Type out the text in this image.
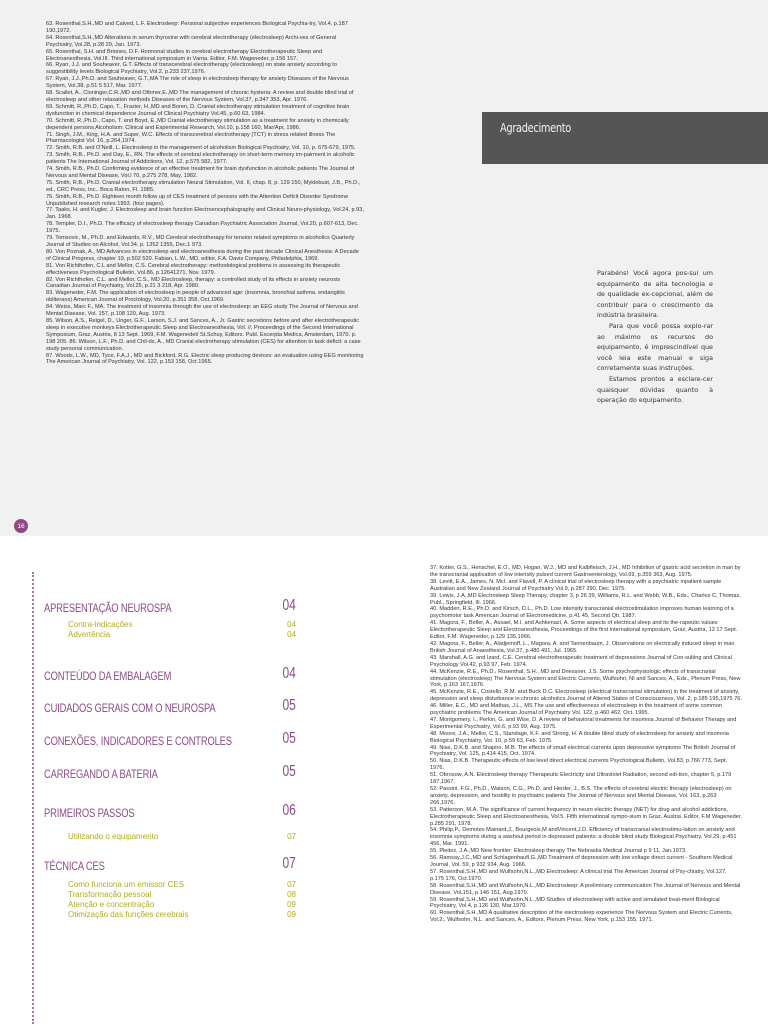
63. Rosenthal,S.H.,MD and Calved, L.F. Electrosleep: Personal subjective experiences Biological Psychia-try, Vol.4, p.187 190,1972.

64. Rosenthal,S.H.,MD Alterations in serum thyroxine with cerebral electrotherapy (electrosleep) Archi-ves of General Psychiatry, Vol.28, p.28 29, Jan. 1973.

65. Rosenthal, S.H. and Briones, D.F. Hormonal studies in cerebral electrotherapy Electrotherapeutic Sleep and Electroanesthesia, Vol.III. Third international symposium in Varna. Editor, F.M. Wageneder, p.156 157.

66. Ryan, J.J. and Souheaver, G.T. Effects of transcerebral electrotherapy (electrosleep) on state anxiety according to suggestibility levels Biological Psychiatry, Vol.2, p.233 237,1976.

67. Ryan, J.J.,Ph.D. and Souheaver, G.T.,MA The role of sleep in electrosleep therapy for anxiety Diseases of the Nervous System, Vol.38, p.51 5 517, Mar. 1977.

68. Scallet, A., Cloninger,C.R.,MD and Othmer,E.,MD The management of chronic hysteria: A review and double blind trial of electrosleep and other relaxation methods Diseases of the Nervous System, Vol.37, p.347 353, Apr. 1976.

69. Schmitt, R.,Ph.D, Capo, T., Frazier, H.,MD and Boren, D. Cranial electrotherapy stimulation treatment of cognitive brain dysfunction in chemical dependence Journal of Clinical Psychiatry Vol.45, p.60 63, 1984.

70. Schmitt, R.,Ph.D., Capo, T. and Boyd, E.,MD Cranial electrotherapy stimulation as a treatment for anxiety in chemically dependent persons Alcoholism: Clinical and Experimental Research, Vol.10, p.158 160, Mar/Apr, 1986.

71. Singh, J.M., King, H.A. and Super, W.C. Effects of transcerebral electrotherapy (TCT) in stress related illness The Pharmacologist Vol. 16, p.264,1974.

72. Smith, R.B. and O'Neill, L. Electrosleep in the management of alcoholism Biological Psychiatry, Vol. 10, p. 675-679, 1975.

73. Smith, R.B., Ph.D. and Day, E., RN. The effects of cerebral electrotherapy on short-term memory im-pairment in alcoholic patients The International Journal of Addictions, Vol. 12, p.575 582, 1977.

74. Smith, R.B., Ph.D. Confirming evidence of an effective treatment for brain dysfunction in alcoholic patients The Journal of Nervous and Mental Disease, Vol.l 70, p.275 278, May, 1982.

75. Smith, R.B., Ph.D. Cranial electrotherapy stimulation Neural Stimulation, Vol. II, chap. 8, p. 129 150, Myklebust, J.B., Ph.D., ed., CRC Press, Inc.. Boca Raton, FI. 1985.

76. Smith, R.B., Ph.D. Eighteen month follow up of CES treatment of persons with the Attention Deficit Disorder Syndrome Unpublished research notes 1993. (four pages).

77. Taaks, H. and Kugler, J. Electrosleep and brain function Electroencephalography and Clinical Neuro-physiology, Vol.24, p.93, Jan. 1968.

78. Templer, D.I., Ph.D. The efficacy of electrosleep therapy Canadian Psychiatric Association Journal, Vol.20, p.607-613, Dec. 1975.

79. Tomsovic, M., Ph.D. and Edwards, R.V., MD Cerebral electrotherapy for tension related symptoms in alcoholics Quarterly Journal of Studies on Alcohol, Vol.34. p. 1352 1355, Dec.1 973.

80. Von Poznak, A., MD Advances in electrosleep and electroanesthesia during the past decade Clinical Anesthesia: A Decade of Clinical Progress, chapter 19, p.502 520. Fabian, L.W., MD, editor, F.A. Davis Company, Philadelphia, 1969.

81. Von Richthofen, C.L and Mellor, C.S. Cerebral electrotherapy: methodological problems in assessing its therapeutic effectiveness Psychological Bulletin, Vol.86, p.12641271, Nov. 1979.

82. Von Richthofen, C.L. and Mellor, C.S., MD Electrosleep, therapy: a controlled study of its effects in anxiety neurosis Canadian Journal of Psychiatry, Vol.25, p.21 3 218, Apr. 1980.

83. Wageneder, F.M. The application of electrosleep in people of advanced age: (insomnia, bronchial asthma. endangiitis obliterans) American Journal of Proctology, Vol.20, p.351 358, Oct.1969.

84. Weiss, Marc F., MA. The treatment of insomnia through the use of electrosleep: an EEG study The Journal of Nervous and Mental Disease, Vol. 157, p.108 120, Aug. 1973.

85. Wilson, A.S., Reigel, D., Unger, G.F., Larson, S.J. and Sances, A., Jr. Gastric secretions before and after electrotherapeutic sleep in executive monkeys Electrotherapeutic Sleep and Electroanesthesia, Vol. //, Proceedings of the Second International Symposium, Graz, Austria, 8 13 Sept. 1969, F.M. Wagenedet/ St.Schuy, Editors. Publ. Excerpta Medica, Amsterdam, 1970. p. 198 205. 86. Wilson, L.F., Ph.D. and Chil-ds, A., MD Cranial electrotherapy stimulation (CES) for attention to task deficit: a case study personal communication.

87. Woods, L.W., MD, Tyce, F.A.J., MD and Bickford, R.G. Electric sleep producing devices: an evaluation using EEG monitoring The American Journal of Psychiatry, Vol. 122, p.153 158, Oct.1965.

Agradecimento

Parabéns! Você agora pos-sui um equipamento de alta tecnologia e de qualidade ex-cepcional, além de contribuir para o crescimento da indústria brasileira.

Para que você possa explo-rar ao máximo os recursos do equipamento, é imprescindível que você leia este manual e siga corretamente suas instruções.

Estamos prontos a esclare-cer quaisquer dúvidas quanto à operação do equipamento.

16
APRESENTAÇÃO NEUROSPA	04
Contra-indicações	04
Advertência	04
CONTEÚDO DA EMBALAGEM	04
CUIDADOS GERAIS COM O NEUROSPA	05
CONEXÕES, INDICADORES E CONTROLES	05
CARREGANDO A BATERIA	05
PRIMEIROS PASSOS	06
Utilizando o equipamento	07
TÉCNICA CES	07
Como funciona um emissor CES	07
Transformação pessoal	08
Atenção e concentração	09
Otimização das funções cerebrais	09

37. Kotter, G.S., Henschel, E.O., MD, Hogan, W.J., MD and Kalbfleisch, J.H., MD Inhibition of gastric acid secretion in man by the transcranial application of low intensity pulsed current Gastroenterology, Vol.69, p.359 363, Aug. 1975.

38. Levitt, E.A., James, N. McI. and Flavell, P. A clinical trial of electrosleep therapy with a psychiatric inpatient sample Australian and New Zealand Journal of Psychiatry Vol.9, p.287 290, Dec. 1975.

39. Lewis, J.A.,MD Electrosleep Sleep Therapy, chapter 3, p 26 39, Williams, R.L. and Webb, W.B., Eds., Charles C. Thomas, Publ., Springfield, Ill. 1966.

40. Madden, R.E., Ph.D. and Kirsch, D.L., Ph.D. Low intensity transcranial electrostimulation improves human learning of a psychomotor task American Journal of Electromedicine, p.41 45, Second Qtr. 1987.

41. Magora, F., Beller, A., Assael, M.I. and Ashkenazi, A. Some aspects of electrical sleep and its the-rapeutic values Electrotherapeutic Sleep and Electroanesthesia, Proceedings of the first international symposium, Graz, Austria, 12 17 Sept. Editor, F.M. Wageneder, p.129 135,1966.

42. Magora, F., Beller, A., Aladjemoff, L., Magora, A. and Tannenbaum, J. Observations on electrically induced sleep in man British Journal of Anaesthesia, Vol.37, p.480 491, Jul. 1965.

43. Marshall, A.G. and Izard, C.E. Cerebral electrotherapeutic treatment of depressions Journal of Con-sulting and Clinical Psychology Vol.42, p.93 97, Feb. 1974.

44. McKenzie, R.E., Ph.D., Rosenthal, S.H., MD and Driessner, J.S. Some psychophysiologic effects of transcranial stimulation (electrosleep) The Nervous System and Electric Currents, Wulfsohn, NI and Sances, A., Eds., Plenum Press, New York, p.163 167,1976.

45. McKenzie, R.E., Costello, R.M. and Buck D.C. Electrosleep (electrical transcranial stimulation) in the treatment of anxiety, depression and sleep disturbance in chronic alcoholics Journal of Altered States of Consciousness, Vol. 2, p.185 195,1975 76.

46. Miller, E.C., MD and Mathas, J.L., MS The use and effectiveness of electrosleep in the treatment of some common psychiatric problems The American Journal of Psychiatry Vol. 122, p.460 462, Oct. 1965.

47. Montgomery, I., Perkin, G. and Wise, D. A review of behavioral treatments for insomnia Journal of Behavior Therapy and Experimental Psychiatry, Vol.6, p.93 99, Aug. 1975.

48. Moore, J.A., Mellor, C.S., Standage, K.F. and Strong, H. A double blind study of electrosleep for anxiety and insomnia Biological Psychiatry, Vol. 10, p.59 63, Feb. 1975.

49. Nias, D.K.B. and Shapiro, M.B. The effects of small electrical currents upon depressive symptoms The British Journal of Psychiatry, Vol. 125, p.414 415, Oct. 1974.

50. Nias, D.K.B. Therapeutic effects of low level direct electrical currents Psychological Bulletin, Vol.83, p.766 773, Sept. 1976.

51. Obrosow, A.N. Electrosleep therapy Therapeutic Electricity and Ultraviolet Radiation, second edi-tion, chapter 5, p.179 187,1967.

52. Passini, F.G., Ph.D., Watson, C.G., Ph.D. and Herder, J., B.S. The effects of cerebral electric therapy (electrosleep) on anxiety, depression, and hostility in psychiatric patients The Journal of Nervous and Mental Disease, Vol. 163, p.263 266,1976.

53. Patterson, M.A. The significance of current frequency in neuro electric therapy (NET) for drug and alcohol addictions, Electrotherapeutic Sleep and Electroanesthesia, Vol.5. Fifth international sympo-sium in Graz, Austria. Editor, F.M Wageneder, p.285 291, 1978.

54. Philip,P., Demotes Mainard,J., Bourgeois,M andVincent,J.D. Efficiency of transcranial electrostimu-lation on anxiety and insomnia symptoms during a washout period in depressed patients: a double blind study Biological Psychiatry, Vol.29, p.451 456, Mar. 1991.

55. Pleitez, J.A.,MD New frontier: Electrosleep therapy The Nebraska Medical Journal p 9 11, Jan.1973.

56. Ramsay,J.C.,MD and Schlagenhaufl,G.,MD Treatment of depression with low voltage direct current - Southern Medical Journal, Vol. 59, p 932 934, Aug. 1966.

57. Rosenthal,S.H.,MD and Wulfsohn,N.L.,MD Electrosleep: A clinical trial The American Journal of Psy-chiatry, Vol.127, p.175 176, Oct.1970.

58. Rosenthal,S.H.,MD and Wulfsohn,N.L.,MD Electrosleep: A preliminary communication The Journal of Nervous and Mental Disease, Vol.151, p.146 151, Aug.1970.

59. Rosenthal,S.H.,MD and Wulfsohn,N.L.,MD Studies of electrosleep with active and simulated treat-ment Biological Psychiatry, Vol.4, p.126 130, Mar.1970.

60. Rosenthal,S.H.,MD A qualitative description of the electrosleep experience The Nervous System and Electric Currents, Vol.2., Wulfsohn, N.L. and Sances, A., Editors, Plenum Press, New York, p.153 155, 1971.
